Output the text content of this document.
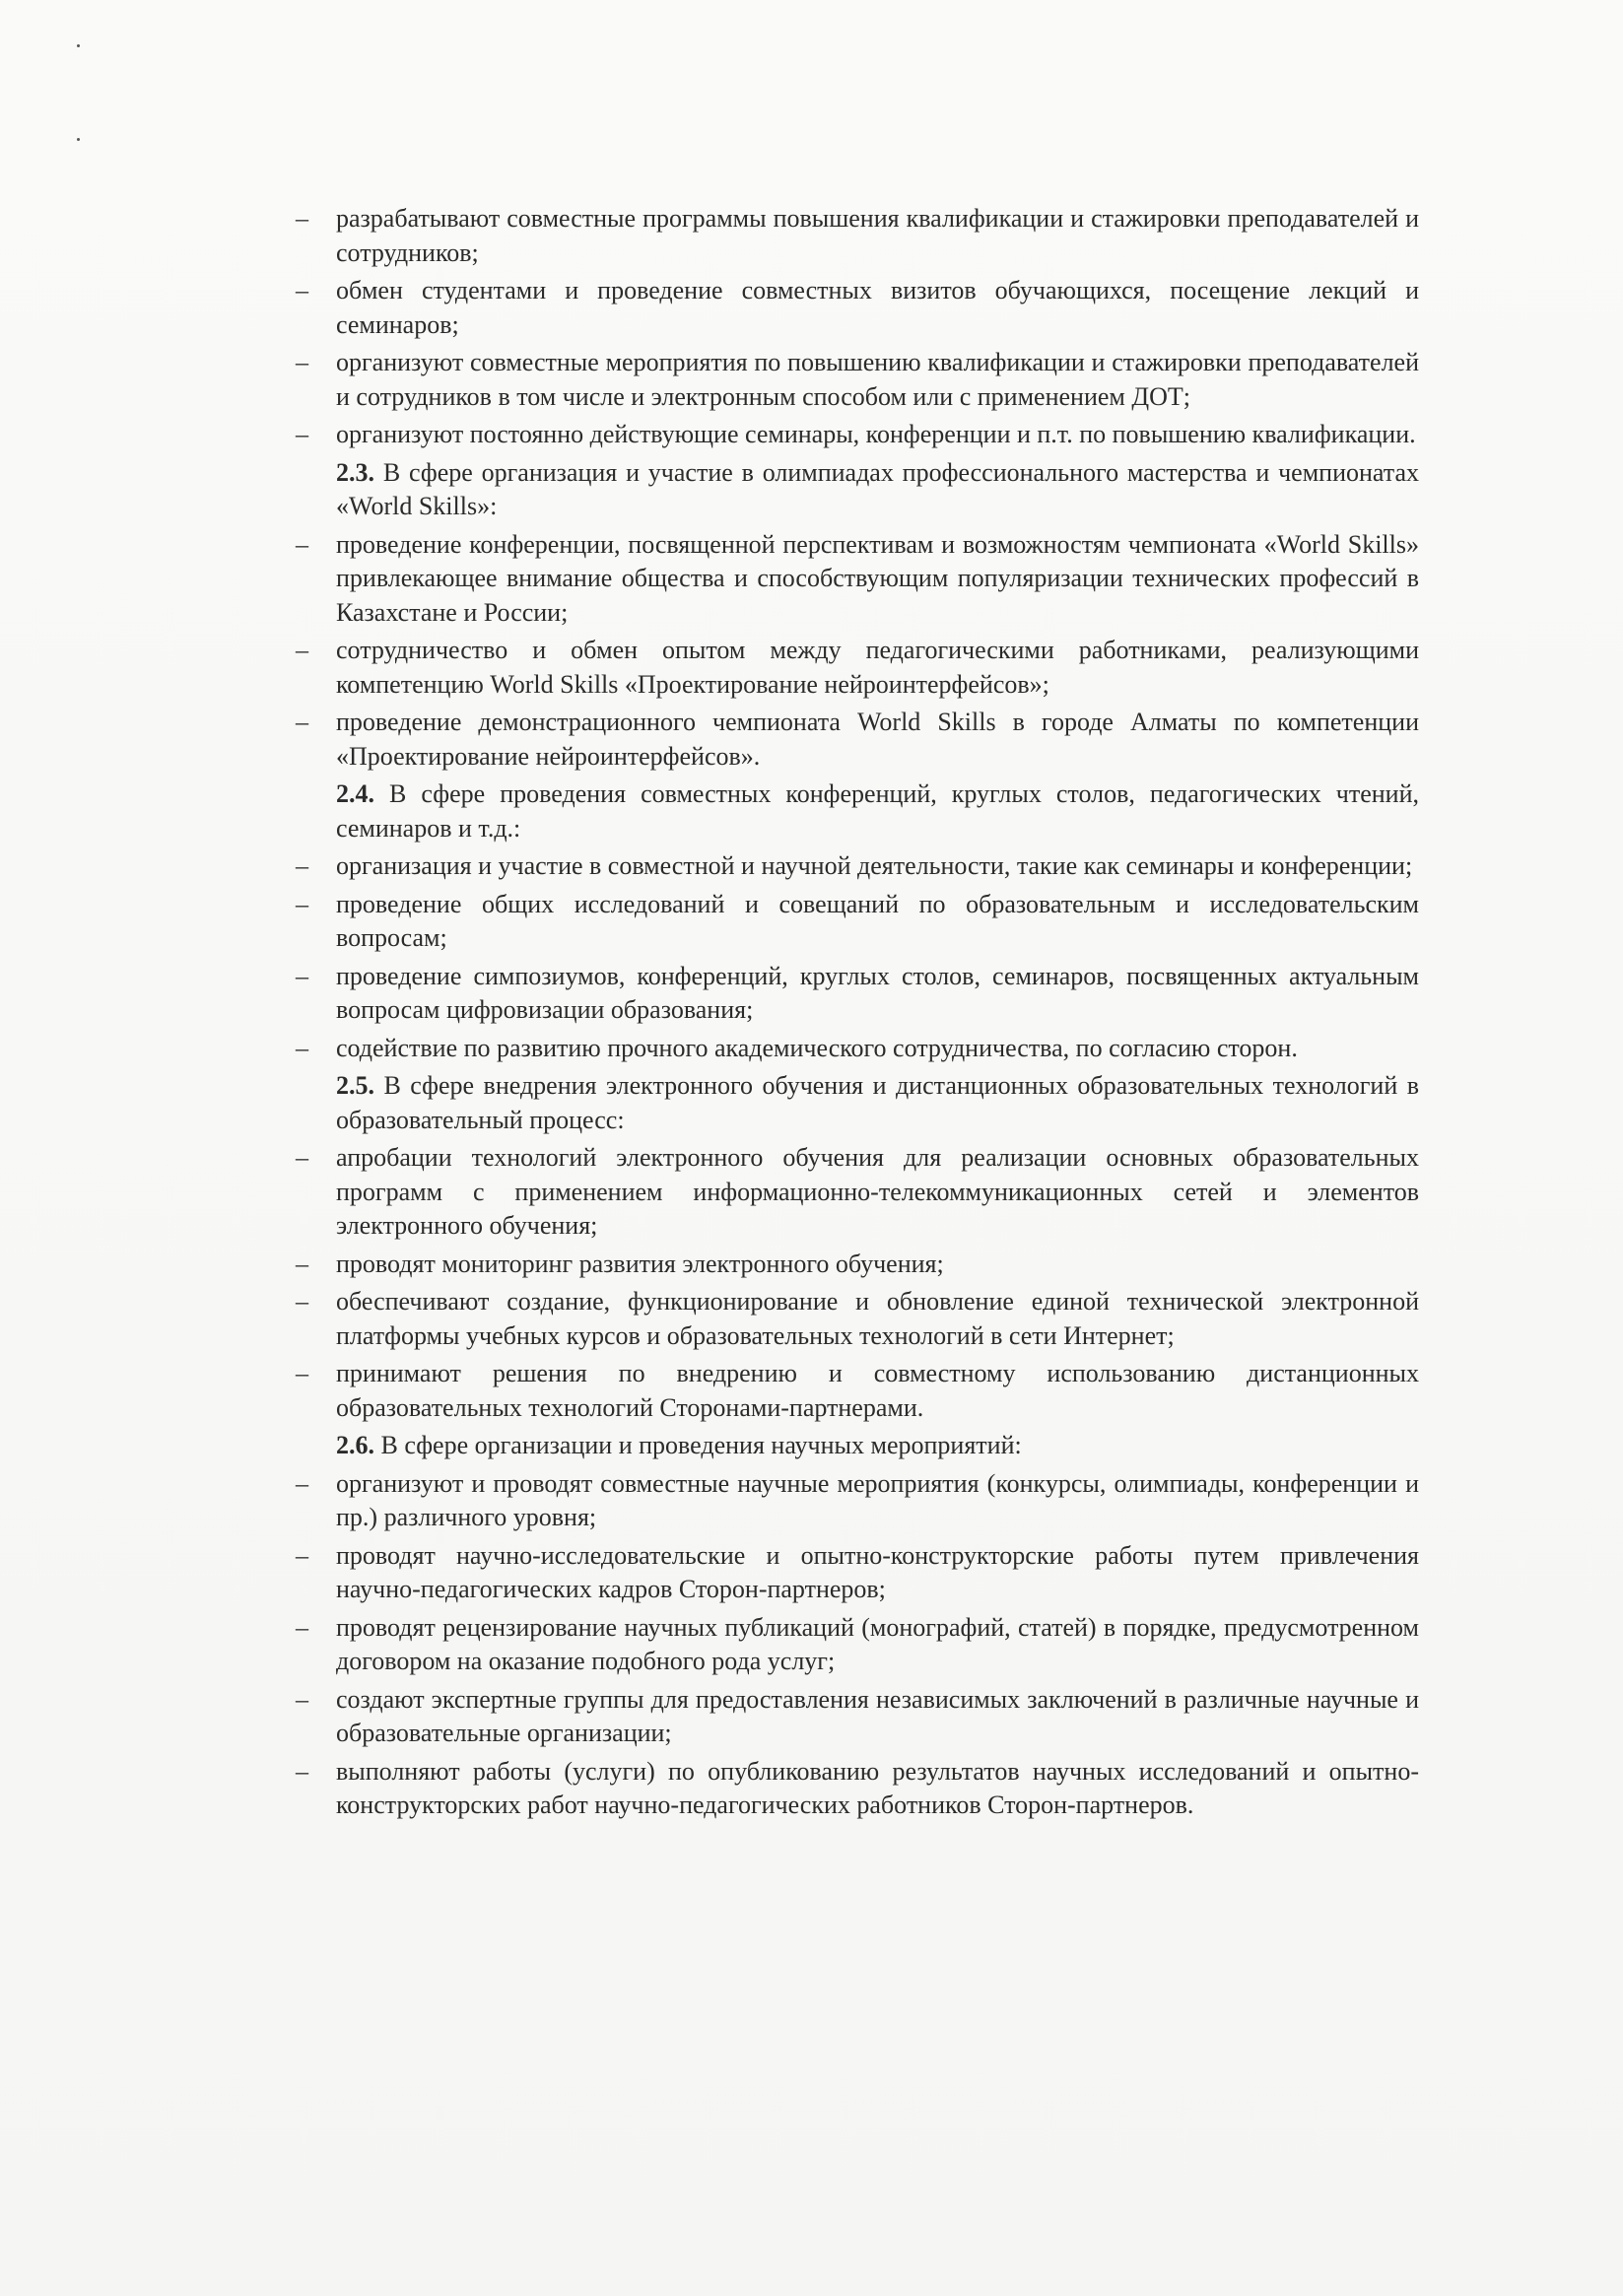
– разрабатывают совместные программы повышения квалификации и стажировки преподавателей и сотрудников;
– обмен студентами и проведение совместных визитов обучающихся, посещение лекций и семинаров;
– организуют совместные мероприятия по повышению квалификации и стажировки преподавателей и сотрудников в том числе и электронным способом или с применением ДОТ;
– организуют постоянно действующие семинары, конференции и п.т. по повышению квалификации.
2.3. В сфере организация и участие в олимпиадах профессионального мастерства и чемпионатах «World Skills»:
– проведение конференции, посвященной перспективам и возможностям чемпионата «World Skills» привлекающее внимание общества и способствующим популяризации технических профессий в Казахстане и России;
– сотрудничество и обмен опытом между педагогическими работниками, реализующими компетенцию World Skills «Проектирование нейроинтерфейсов»;
– проведение демонстрационного чемпионата World Skills в городе Алматы по компетенции «Проектирование нейроинтерфейсов».
2.4. В сфере проведения совместных конференций, круглых столов, педагогических чтений, семинаров и т.д.:
– организация и участие в совместной и научной деятельности, такие как семинары и конференции;
– проведение общих исследований и совещаний по образовательным и исследовательским вопросам;
– проведение симпозиумов, конференций, круглых столов, семинаров, посвященных актуальным вопросам цифровизации образования;
– содействие по развитию прочного академического сотрудничества, по согласию сторон.
2.5. В сфере внедрения электронного обучения и дистанционных образовательных технологий в образовательный процесс:
– апробации технологий электронного обучения для реализации основных образовательных программ с применением информационно-телекоммуникационных сетей и элементов электронного обучения;
– проводят мониторинг развития электронного обучения;
– обеспечивают создание, функционирование и обновление единой технической электронной платформы учебных курсов и образовательных технологий в сети Интернет;
– принимают решения по внедрению и совместному использованию дистанционных образовательных технологий Сторонами-партнерами.
2.6. В сфере организации и проведения научных мероприятий:
– организуют и проводят совместные научные мероприятия (конкурсы, олимпиады, конференции и пр.) различного уровня;
– проводят научно-исследовательские и опытно-конструкторские работы путем привлечения научно-педагогических кадров Сторон-партнеров;
– проводят рецензирование научных публикаций (монографий, статей) в порядке, предусмотренном договором на оказание подобного рода услуг;
– создают экспертные группы для предоставления независимых заключений в различные научные и образовательные организации;
– выполняют работы (услуги) по опубликованию результатов научных исследований и опытно-конструкторских работ научно-педагогических работников Сторон-партнеров.
